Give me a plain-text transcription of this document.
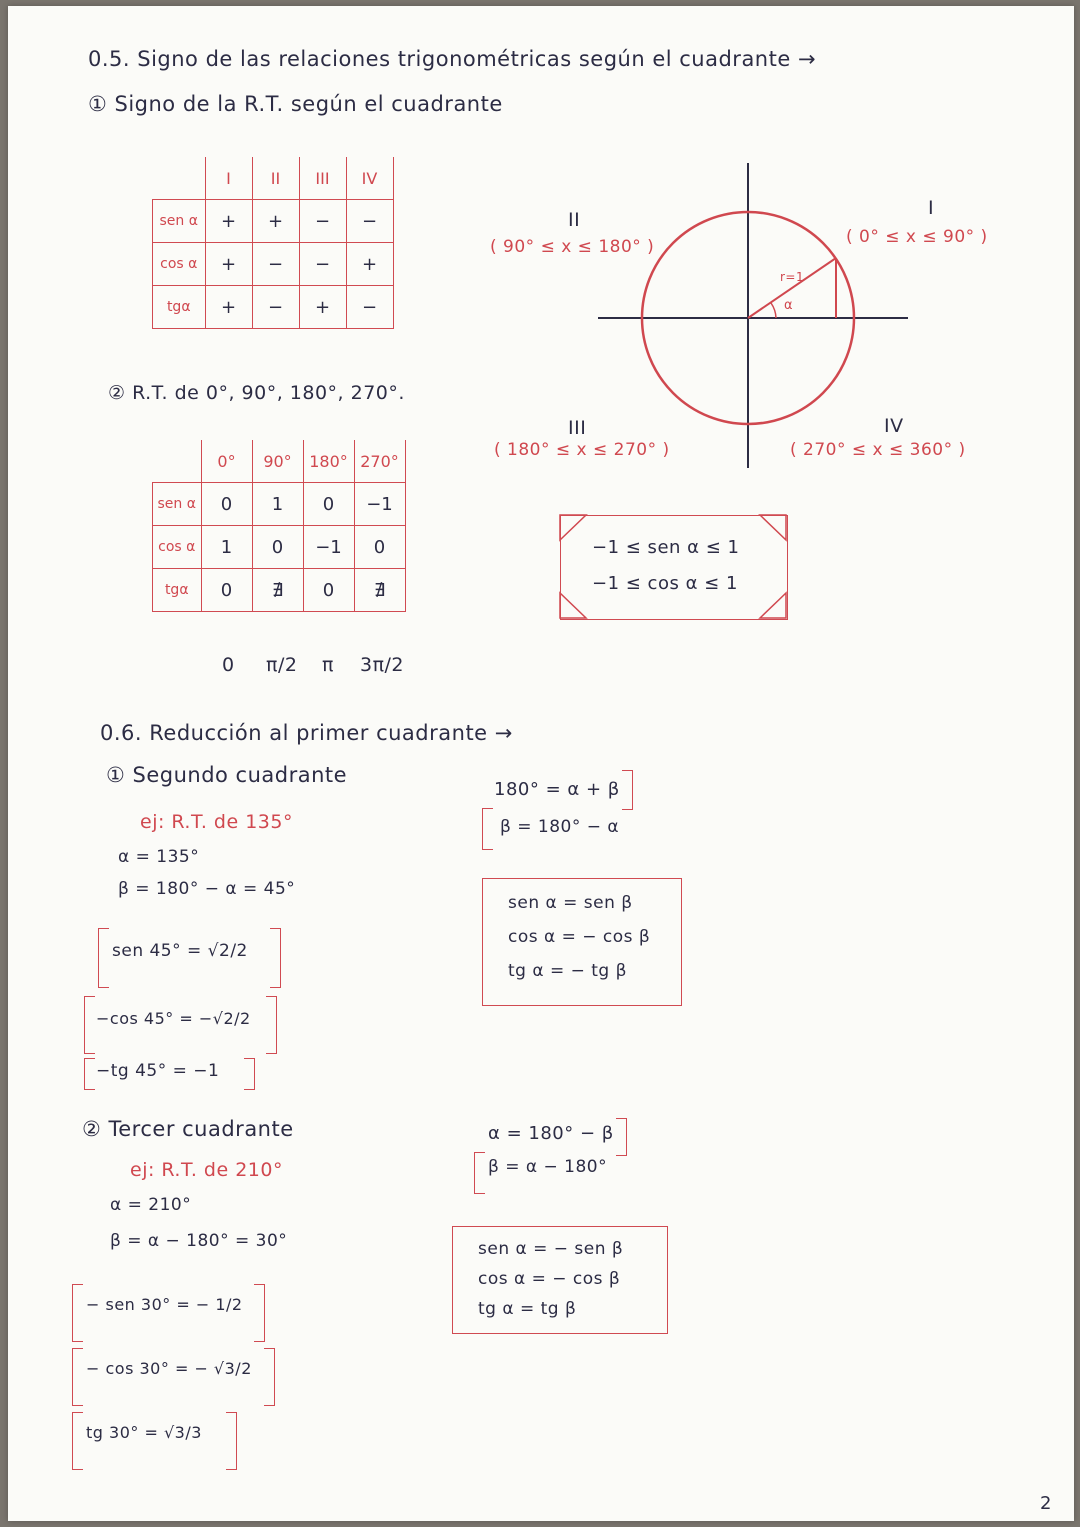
0.5. Signo de las relaciones trigonométricas según el cuadrante →
① Signo de la R.T. según el cuadrante
	I	II	III	IV
sen α	+	+	−	−
cos α	+	−	−	+
tgα	+	−	+	−
② R.T. de 0°, 90°, 180°, 270°.
	0°	90°	180°	270°
sen α	0	1	0	−1
cos α	1	0	−1	0
tgα	0	∄	0	∄
0 π/2 π 3π/2
r=1
α
I
( 0° ≤ x ≤ 90° )
II
( 90° ≤ x ≤ 180° )
III
( 180° ≤ x ≤ 270° )
IV
( 270° ≤ x ≤ 360° )
−1 ≤ sen α ≤ 1
−1 ≤ cos α ≤ 1
0.6. Reducción al primer cuadrante →
① Segundo cuadrante
ej: R.T. de 135°
α = 135°
β = 180° − α = 45°
sen 45° = √2/2
−cos 45° = −√2/2
−tg 45° = −1
180° = α + β
β = 180° − α
sen α = sen β
cos α = − cos β
tg α = − tg β
② Tercer cuadrante
ej: R.T. de 210°
α = 210°
β = α − 180° = 30°
− sen 30° = − 1/2
− cos 30° = − √3/2
tg 30° = √3/3
α = 180° − β
β = α − 180°
sen α = − sen β
cos α = − cos β
tg α = tg β
2
